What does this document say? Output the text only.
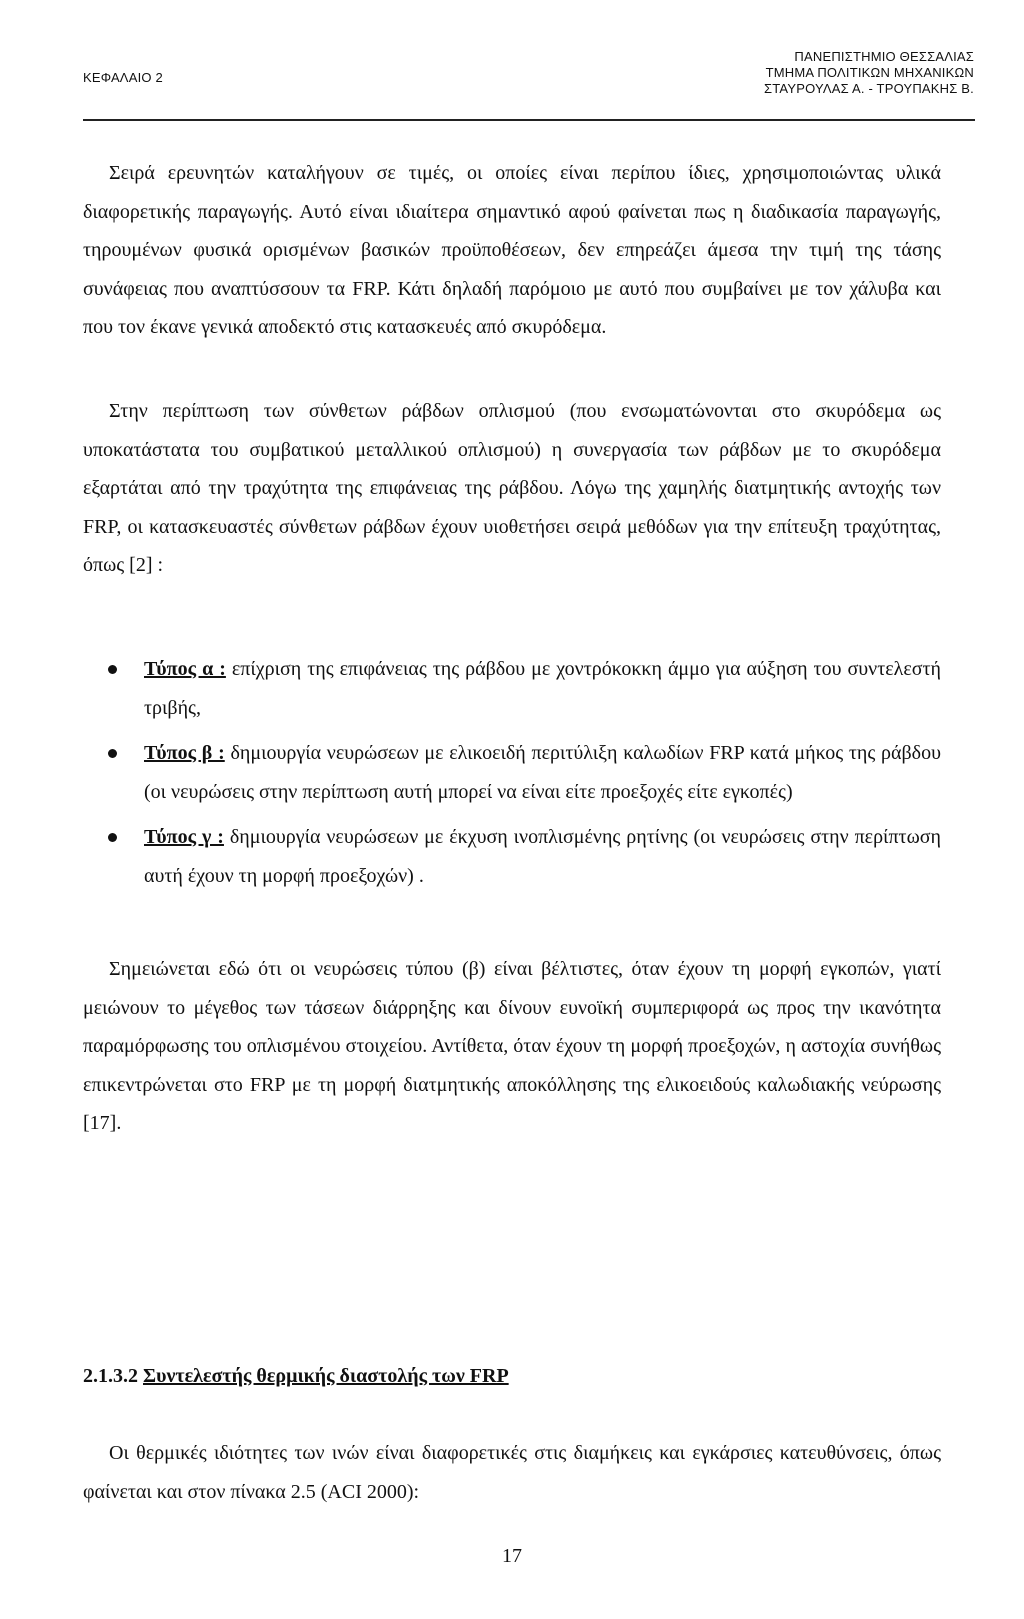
ΚΕΦΑΛΑΙΟ 2
ΠΑΝΕΠΙΣΤΗΜΙΟ ΘΕΣΣΑΛΙΑΣ
ΤΜΗΜΑ ΠΟΛΙΤΙΚΩΝ ΜΗΧΑΝΙΚΩΝ
ΣΤΑΥΡΟΥΛΑΣ Α. - ΤΡΟΥΠΑΚΗΣ Β.

Σειρά ερευνητών καταλήγουν σε τιμές, οι οποίες είναι περίπου ίδιες, χρησιμοποιώντας υλικά διαφορετικής παραγωγής. Αυτό είναι ιδιαίτερα σημαντικό αφού φαίνεται πως η διαδικασία παραγωγής, τηρουμένων φυσικά ορισμένων βασικών προϋποθέσεων, δεν επηρεάζει άμεσα την τιμή της τάσης συνάφειας που αναπτύσσουν τα FRP. Κάτι δηλαδή παρόμοιο με αυτό που συμβαίνει με τον χάλυβα και που τον έκανε γενικά αποδεκτό στις κατασκευές από σκυρόδεμα.

Στην περίπτωση των σύνθετων ράβδων οπλισμού (που ενσωματώνονται στο σκυρόδεμα ως υποκατάστατα του συμβατικού μεταλλικού οπλισμού) η συνεργασία των ράβδων με το σκυρόδεμα εξαρτάται από την τραχύτητα της επιφάνειας της ράβδου. Λόγω της χαμηλής διατμητικής αντοχής των FRP, οι κατασκευαστές σύνθετων ράβδων έχουν υιοθετήσει σειρά μεθόδων για την επίτευξη τραχύτητας, όπως [2] :

Τύπος α : επίχριση της επιφάνειας της ράβδου με χοντρόκοκκη άμμο για αύξηση του συντελεστή τριβής,
Τύπος β : δημιουργία νευρώσεων με ελικοειδή περιτύλιξη καλωδίων FRP κατά μήκος της ράβδου (οι νευρώσεις στην περίπτωση αυτή μπορεί να είναι είτε προεξοχές είτε εγκοπές)
Τύπος γ : δημιουργία νευρώσεων με έκχυση ινοπλισμένης ρητίνης (οι νευρώσεις στην περίπτωση αυτή έχουν τη μορφή προεξοχών) .

Σημειώνεται εδώ ότι οι νευρώσεις τύπου (β) είναι βέλτιστες, όταν έχουν τη μορφή εγκοπών, γιατί μειώνουν το μέγεθος των τάσεων διάρρηξης και δίνουν ευνοϊκή συμπεριφορά ως προς την ικανότητα παραμόρφωσης του οπλισμένου στοιχείου. Αντίθετα, όταν έχουν τη μορφή προεξοχών, η αστοχία συνήθως επικεντρώνεται στο FRP με τη μορφή διατμητικής αποκόλλησης της ελικοειδούς καλωδιακής νεύρωσης [17].

2.1.3.2 Συντελεστής θερμικής διαστολής των FRP

Οι θερμικές ιδιότητες των ινών είναι διαφορετικές στις διαμήκεις και εγκάρσιες κατευθύνσεις, όπως φαίνεται και στον πίνακα 2.5 (ACI 2000):

17
